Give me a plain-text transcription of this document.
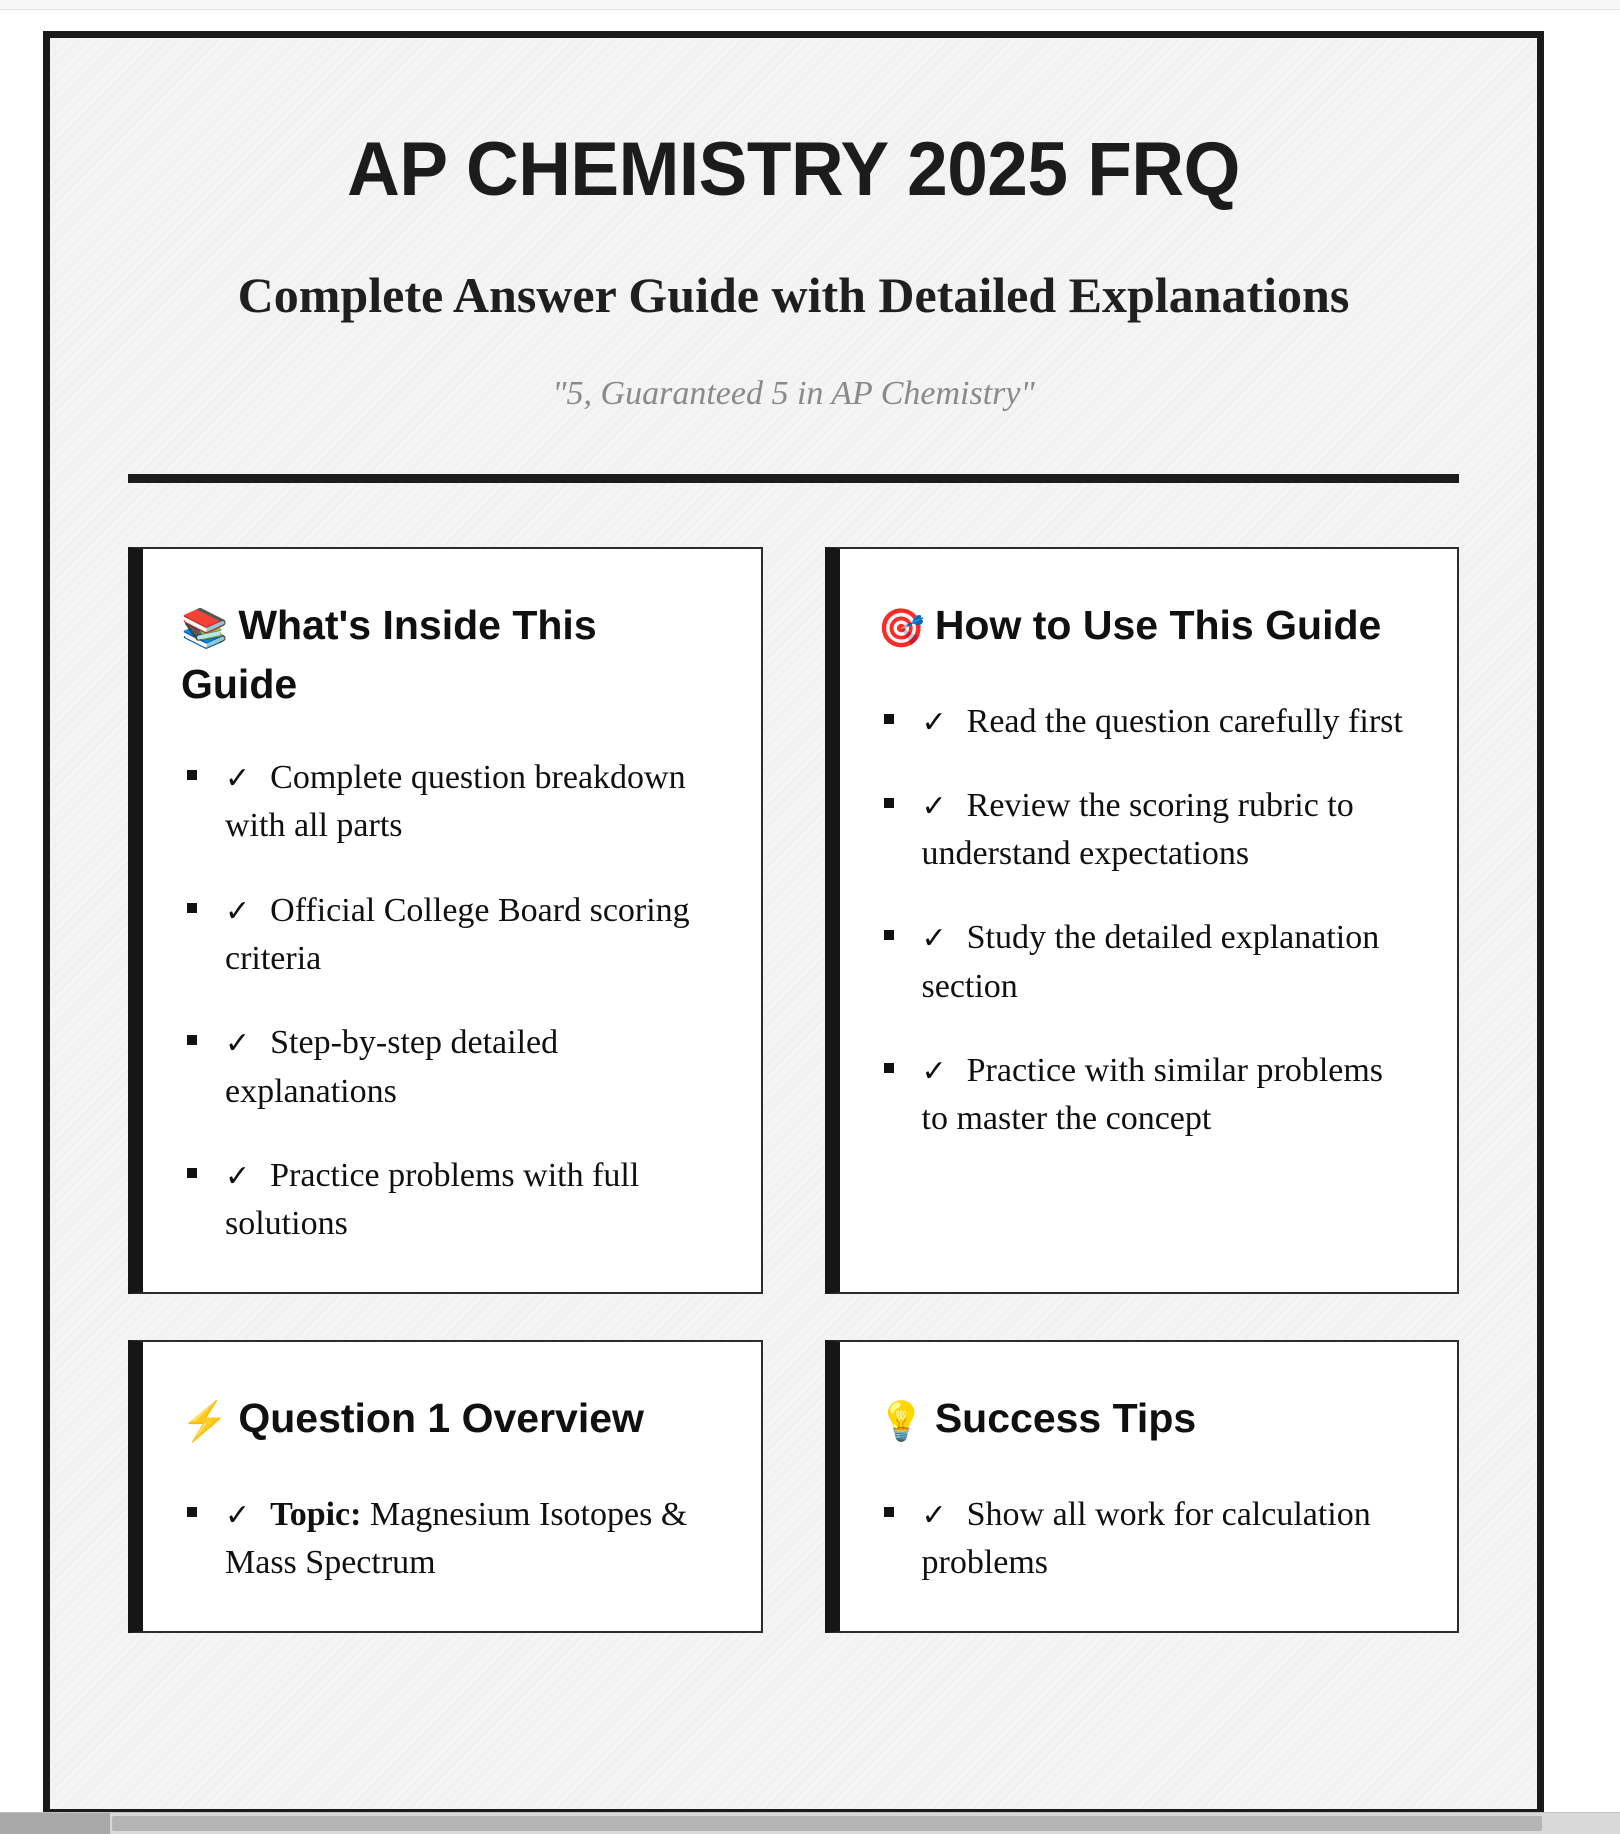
AP CHEMISTRY 2025 FRQ
Complete Answer Guide with Detailed Explanations

"5, Guaranteed 5 in AP Chemistry"

📚 What's Inside This Guide
✓ Complete question breakdown with all parts
✓ Official College Board scoring criteria
✓ Step-by-step detailed explanations
✓ Practice problems with full solutions
🎯 How to Use This Guide
✓ Read the question carefully first
✓ Review the scoring rubric to understand expectations
✓ Study the detailed explanation section
✓ Practice with similar problems to master the concept
⚡ Question 1 Overview
✓ Topic: Magnesium Isotopes & Mass Spectrum
💡 Success Tips
✓ Show all work for calculation problems
